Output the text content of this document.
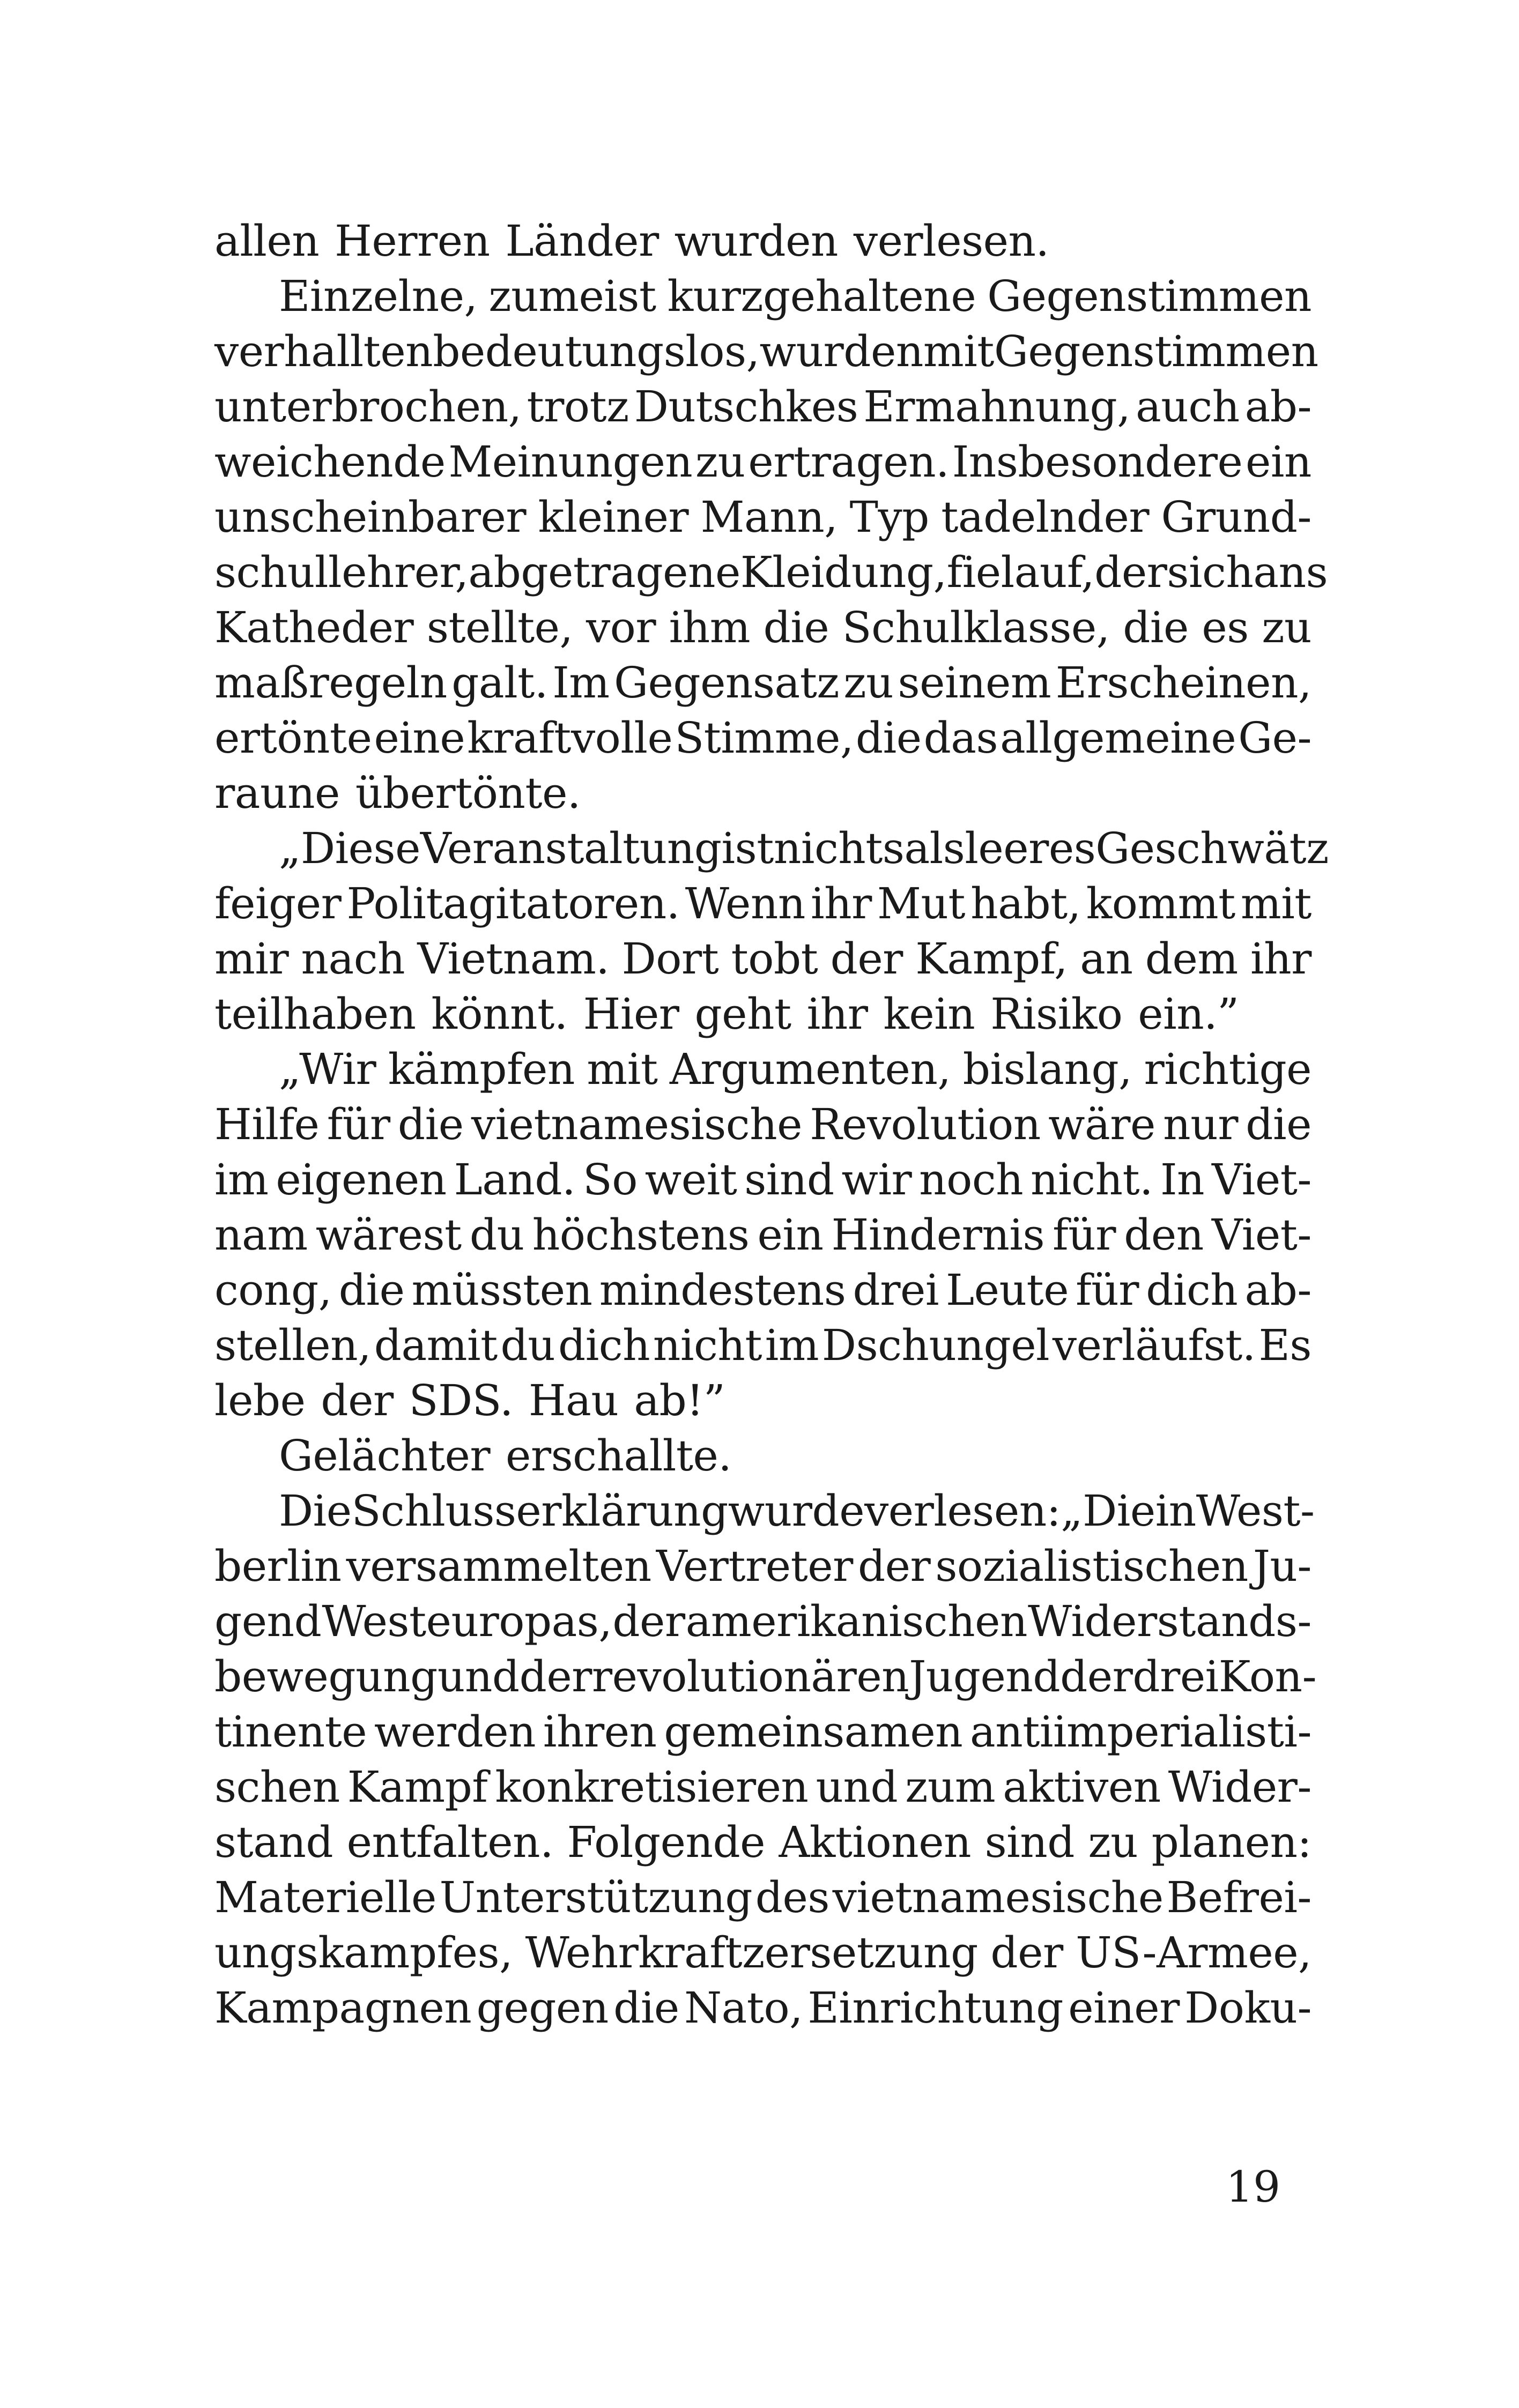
allen Herren Länder wurden verlesen.
Einzelne, zumeist kurzgehaltene Gegenstimmen
verhallten bedeutungslos, wurden mit Gegenstimmen
unterbrochen, trotz Dutschkes Ermahnung, auch ab-
weichende Meinungen zu ertragen. Insbesondere ein
unscheinbarer kleiner Mann, Typ tadelnder Grund-
schullehrer, abgetragene Kleidung, fiel auf, der sich ans
Katheder stellte, vor ihm die Schulklasse, die es zu
maßregeln galt. Im Gegensatz zu seinem Erscheinen,
ertönte eine kraftvolle Stimme, die das allgemeine Ge-
raune übertönte.
„Diese Veranstaltung ist nichts als leeres Geschwätz
feiger Politagitatoren. Wenn ihr Mut habt, kommt mit
mir nach Vietnam. Dort tobt der Kampf, an dem ihr
teilhaben könnt. Hier geht ihr kein Risiko ein.”
„Wir kämpfen mit Argumenten, bislang, richtige
Hilfe für die vietnamesische Revolution wäre nur die
im eigenen Land. So weit sind wir noch nicht. In Viet-
nam wärest du höchstens ein Hindernis für den Viet-
cong, die müssten mindestens drei Leute für dich ab-
stellen, damit du dich nicht im Dschungel verläufst. Es
lebe der SDS. Hau ab!”
Gelächter erschallte.
Die Schlusserklärung wurde verlesen: „Die in West-
berlin versammelten Vertreter der sozialistischen Ju-
gend Westeuropas, der amerikanischen Widerstands-
bewegung und der revolutionären Jugend der drei Kon-
tinente werden ihren gemeinsamen antiimperialisti-
schen Kampf konkretisieren und zum aktiven Wider-
stand entfalten. Folgende Aktionen sind zu planen:
Materielle Unterstützung des vietnamesische Befrei-
ungskampfes, Wehrkraftzersetzung der US-Armee,
Kampagnen gegen die Nato, Einrichtung einer Doku-
19
